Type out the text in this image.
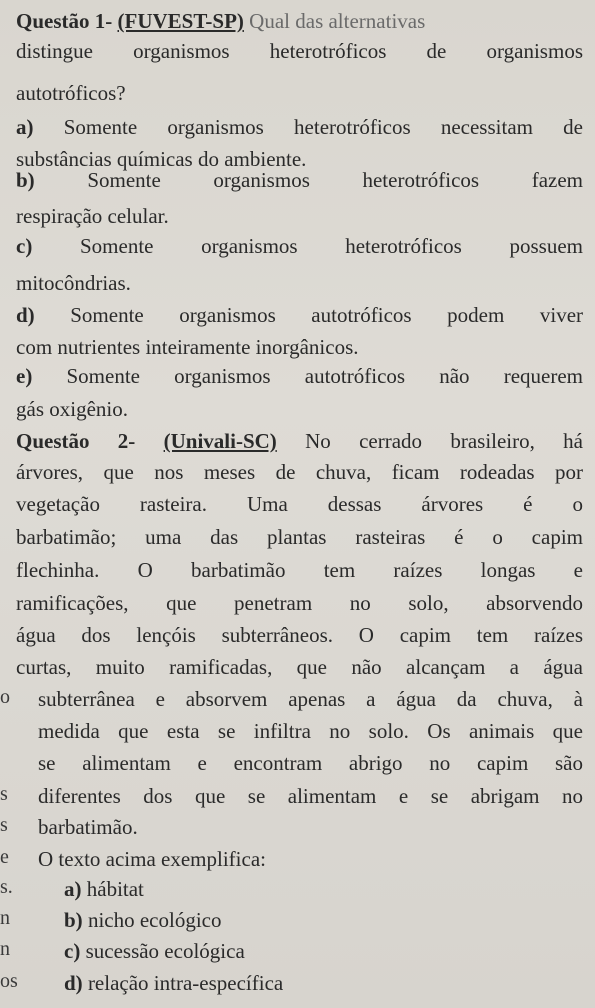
Questão 1- (FUVEST-SP) Qual das alternativas
distingue organismos heterotróficos de organismos
autotróficos?
a) Somente organismos heterotróficos necessitam de
substâncias químicas do ambiente.
b)	Somente organismos heterotróficos fazem
respiração celular.
c) Somente organismos heterotróficos possuem
mitocôndrias.
d) Somente organismos autotróficos podem viver
com nutrientes inteiramente inorgânicos.
e) Somente organismos autotróficos não requerem
gás oxigênio.
Questão 2- (Univali-SC) No cerrado brasileiro, há
árvores, que nos meses de chuva, ficam rodeadas por
vegetação rasteira. Uma dessas árvores é o
barbatimão; uma das plantas rasteiras é o capim
flechinha. O barbatimão tem raízes longas e
ramificações, que penetram no solo, absorvendo
água dos lençóis subterrâneos. O capim tem raízes
curtas, muito ramificadas, que não alcançam a água
o subterrânea e absorvem apenas a água da chuva, à
medida que esta se infiltra no solo. Os animais que
se alimentam e encontram abrigo no capim são
s diferentes dos que se alimentam e se abrigam no
s barbatimão.
e O texto acima exemplifica:
s. a) hábitat
n	b) nicho ecológico
n	c) sucessão ecológica
os d) relação intra-específica
